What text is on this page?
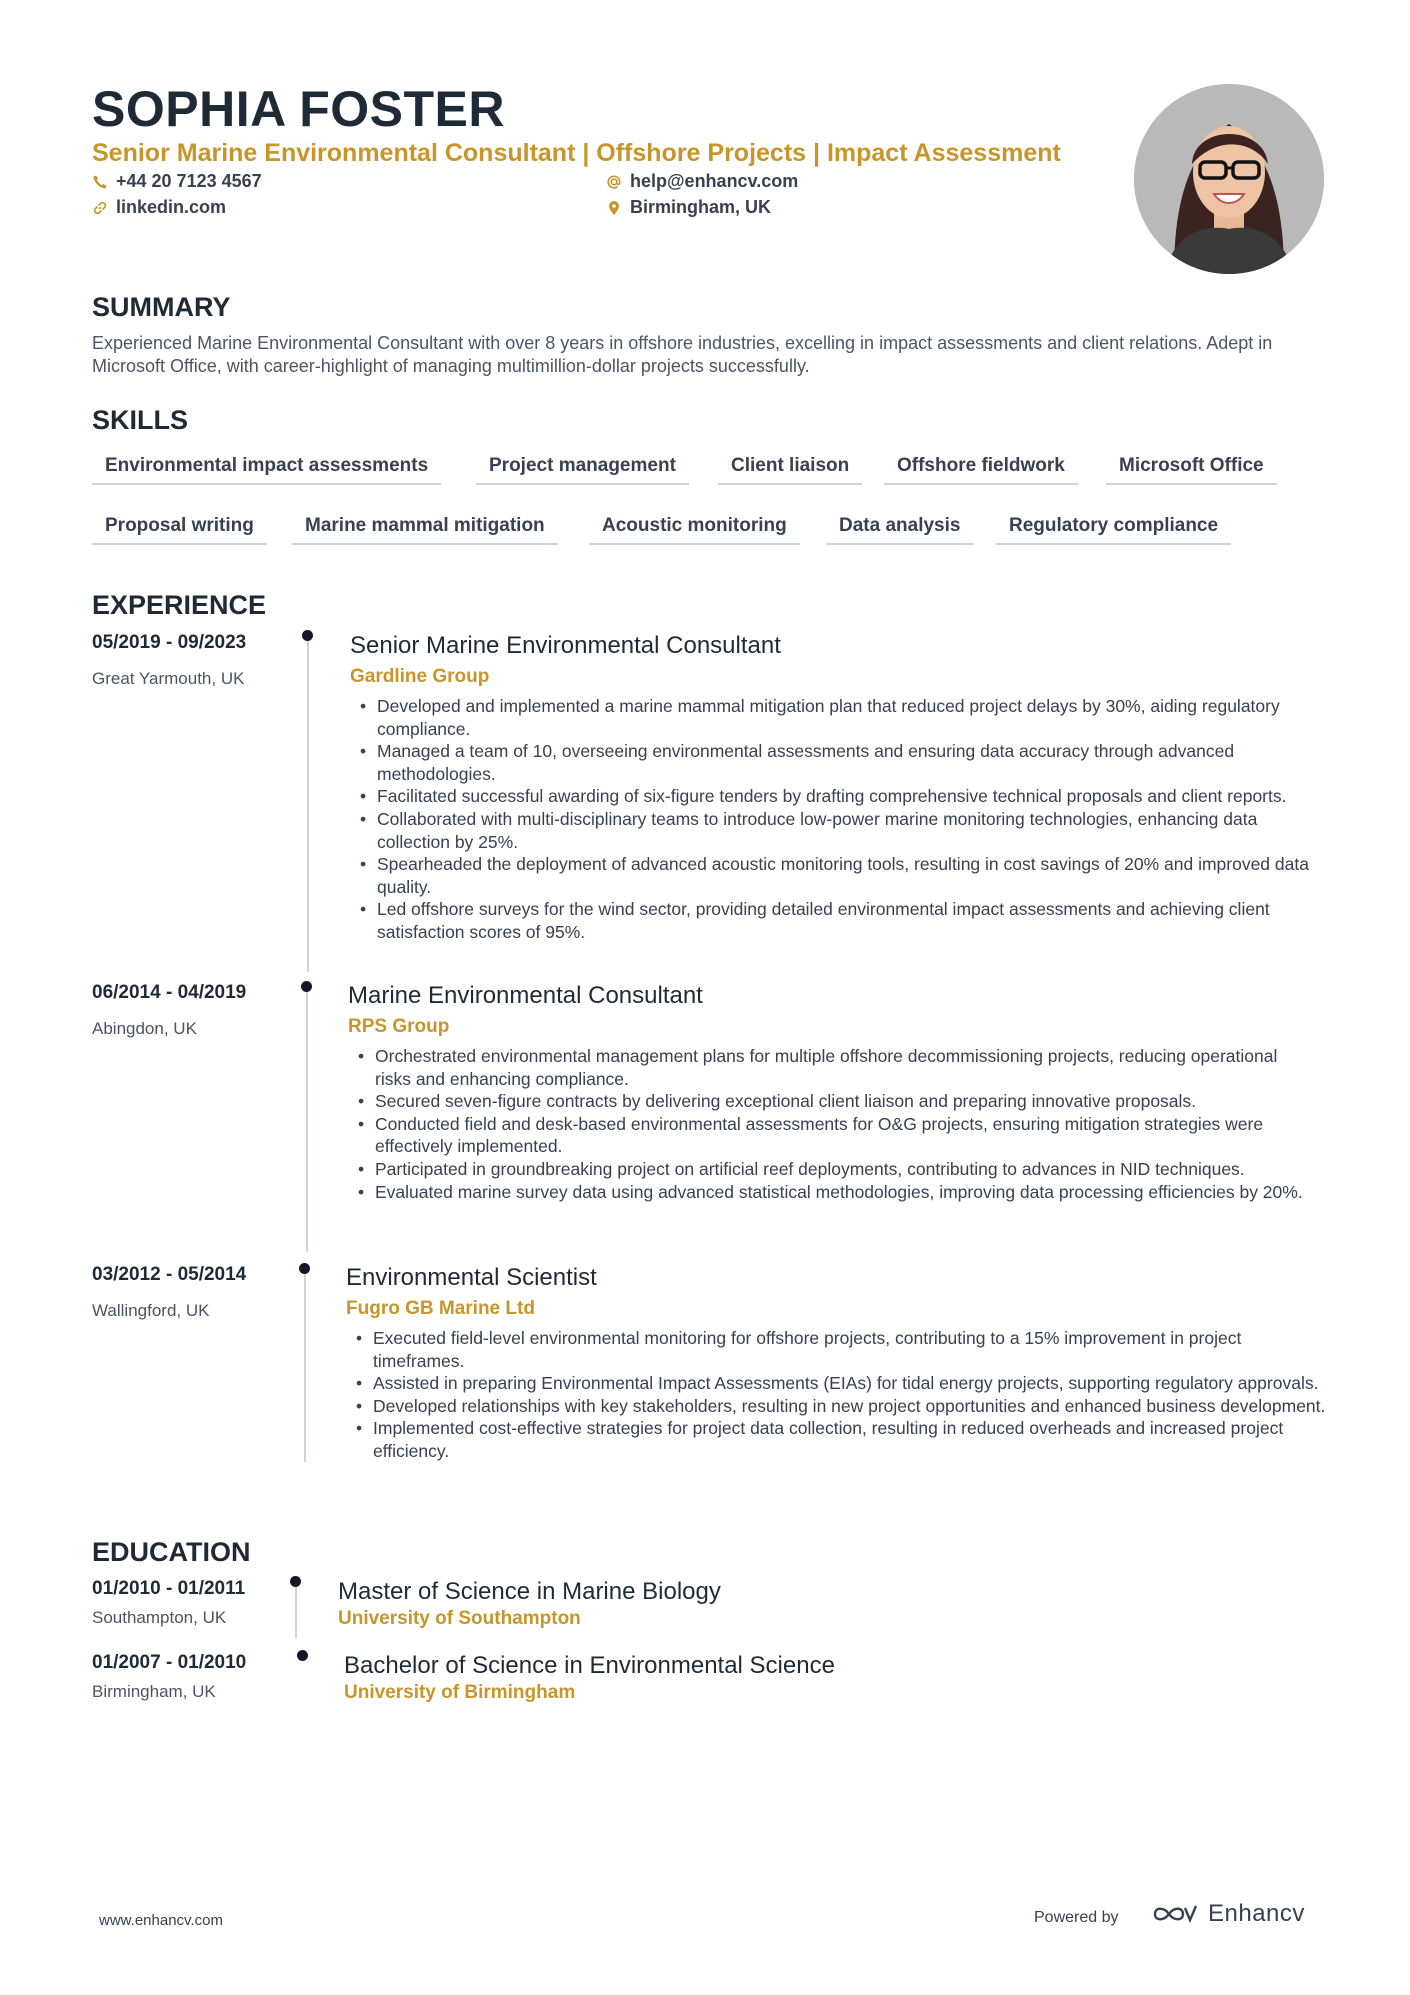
SOPHIA FOSTER
Senior Marine Environmental Consultant | Offshore Projects | Impact Assessment
+44 20 7123 4567	help@enhancv.com
linkedin.com	Birmingham, UK
SUMMARY
Experienced Marine Environmental Consultant with over 8 years in offshore industries, excelling in impact assessments and client relations. Adept in Microsoft Office, with career-highlight of managing multimillion-dollar projects successfully.
SKILLS
Environmental impact assessments	Project management	Client liaison	Offshore fieldwork	Microsoft Office
Proposal writing	Marine mammal mitigation	Acoustic monitoring	Data analysis	Regulatory compliance
EXPERIENCE
05/2019 - 09/2023
Great Yarmouth, UK
Senior Marine Environmental Consultant
Gardline Group
• Developed and implemented a marine mammal mitigation plan that reduced project delays by 30%, aiding regulatory compliance.
• Managed a team of 10, overseeing environmental assessments and ensuring data accuracy through advanced methodologies.
• Facilitated successful awarding of six-figure tenders by drafting comprehensive technical proposals and client reports.
• Collaborated with multi-disciplinary teams to introduce low-power marine monitoring technologies, enhancing data collection by 25%.
• Spearheaded the deployment of advanced acoustic monitoring tools, resulting in cost savings of 20% and improved data quality.
• Led offshore surveys for the wind sector, providing detailed environmental impact assessments and achieving client satisfaction scores of 95%.
06/2014 - 04/2019
Abingdon, UK
Marine Environmental Consultant
RPS Group
• Orchestrated environmental management plans for multiple offshore decommissioning projects, reducing operational risks and enhancing compliance.
• Secured seven-figure contracts by delivering exceptional client liaison and preparing innovative proposals.
• Conducted field and desk-based environmental assessments for O&G projects, ensuring mitigation strategies were effectively implemented.
• Participated in groundbreaking project on artificial reef deployments, contributing to advances in NID techniques.
• Evaluated marine survey data using advanced statistical methodologies, improving data processing efficiencies by 20%.
03/2012 - 05/2014
Wallingford, UK
Environmental Scientist
Fugro GB Marine Ltd
• Executed field-level environmental monitoring for offshore projects, contributing to a 15% improvement in project timeframes.
• Assisted in preparing Environmental Impact Assessments (EIAs) for tidal energy projects, supporting regulatory approvals.
• Developed relationships with key stakeholders, resulting in new project opportunities and enhanced business development.
• Implemented cost-effective strategies for project data collection, resulting in reduced overheads and increased project efficiency.
EDUCATION
01/2010 - 01/2011
Southampton, UK
Master of Science in Marine Biology
University of Southampton
01/2007 - 01/2010
Birmingham, UK
Bachelor of Science in Environmental Science
University of Birmingham
www.enhancv.com	Powered by	Enhancv
